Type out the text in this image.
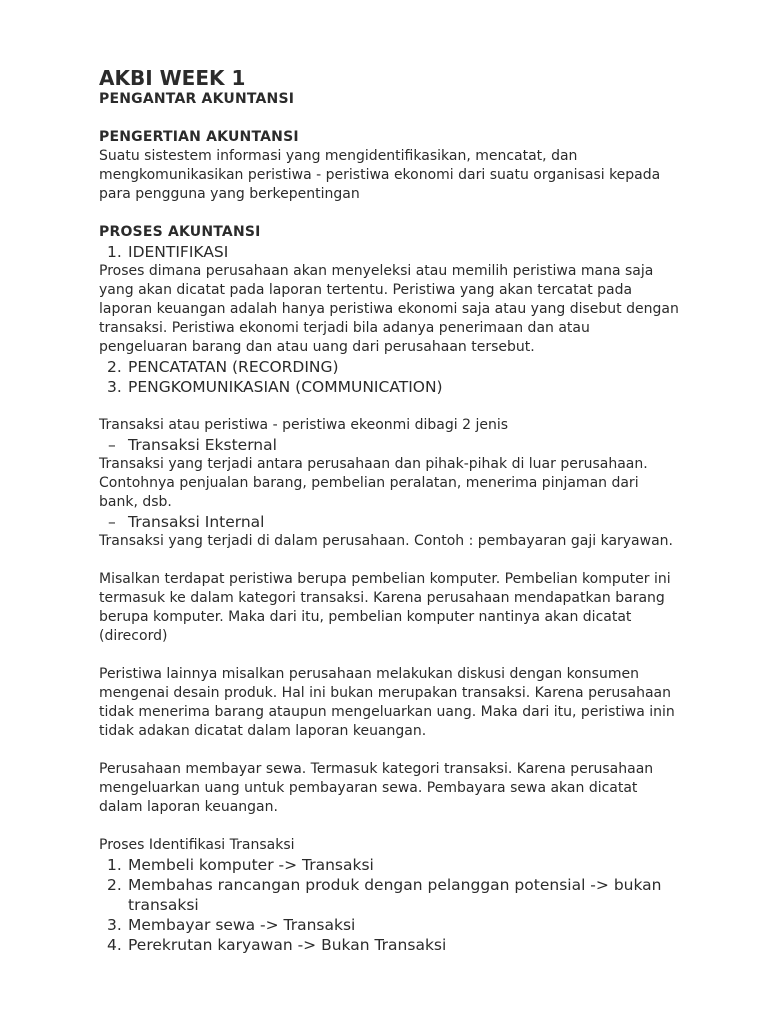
AKBI WEEK 1
PENGANTAR AKUNTANSI
PENGERTIAN AKUNTANSI

Suatu sistestem informasi yang mengidentifikasikan, mencatat, dan mengkomunikasikan peristiwa - peristiwa ekonomi dari suatu organisasi kepada para pengguna yang berkepentingan

PROSES AKUNTANSI
1. IDENTIFIKASI

Proses dimana perusahaan akan menyeleksi atau memilih peristiwa mana saja yang akan dicatat pada laporan tertentu. Peristiwa yang akan tercatat pada laporan keuangan adalah hanya peristiwa ekonomi saja atau yang disebut dengan transaksi. Peristiwa ekonomi terjadi bila adanya penerimaan dan atau pengeluaran barang dan atau uang dari perusahaan tersebut.

2. PENCATATAN (RECORDING)
3. PENGKOMUNIKASIAN (COMMUNICATION)

Transaksi atau peristiwa - peristiwa ekeonmi dibagi 2 jenis

– Transaksi Eksternal

Transaksi yang terjadi antara perusahaan dan pihak-pihak di luar perusahaan. Contohnya penjualan barang, pembelian peralatan, menerima pinjaman dari bank, dsb.

– Transaksi Internal

Transaksi yang terjadi di dalam perusahaan. Contoh : pembayaran gaji karyawan.

Misalkan terdapat peristiwa berupa pembelian komputer. Pembelian komputer ini termasuk ke dalam kategori transaksi. Karena perusahaan mendapatkan barang berupa komputer. Maka dari itu, pembelian komputer nantinya akan dicatat (direcord)

Peristiwa lainnya misalkan perusahaan melakukan diskusi dengan konsumen mengenai desain produk. Hal ini bukan merupakan transaksi. Karena perusahaan tidak menerima barang ataupun mengeluarkan uang. Maka dari itu, peristiwa inin tidak adakan dicatat dalam laporan keuangan.

Perusahaan membayar sewa. Termasuk kategori transaksi. Karena perusahaan mengeluarkan uang untuk pembayaran sewa. Pembayara sewa akan dicatat dalam laporan keuangan.

Proses Identifikasi Transaksi

1. Membeli komputer -> Transaksi
2. Membahas rancangan produk dengan pelanggan potensial -> bukan transaksi
3. Membayar sewa -> Transaksi
4. Perekrutan karyawan -> Bukan Transaksi
